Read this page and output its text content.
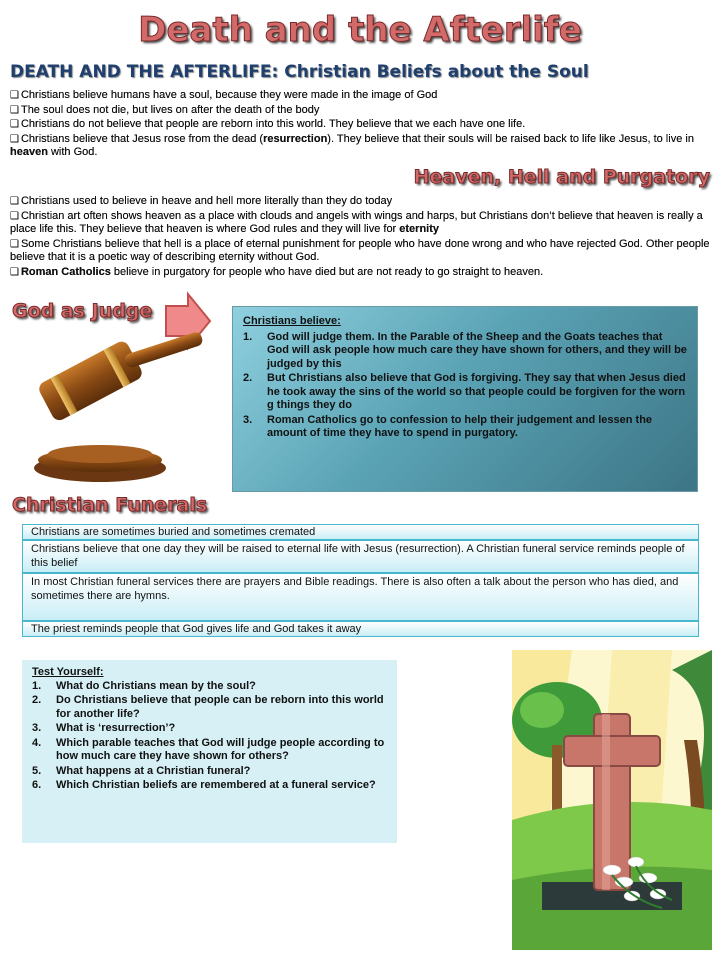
Death and the Afterlife
DEATH AND THE AFTERLIFE: Christian Beliefs about the Soul

❑ Christians believe humans have a soul, because they were made in the image of God

❑ The soul does not die, but lives on after the death of the body

❑ Christians do not believe that people are reborn into this world. They believe that we each have one life.

❑ Christians believe that Jesus rose from the dead (resurrection). They believe that their souls will be raised back to life like Jesus, to live in heaven with God.

Heaven, Hell and Purgatory

❑ Christians used to believe in heave and hell more literally than they do today

❑ Christian art often shows heaven as a place with clouds and angels with wings and harps, but Christians don’t believe that heaven is really a place life this. They believe that heaven is where God rules and they will live for eternity

❑ Some Christians believe that hell is a place of eternal punishment for people who have done wrong and who have rejected God. Other people believe that it is a poetic way of describing eternity without God.

❑ Roman Catholics believe in purgatory for people who have died but are not ready to go straight to heaven.

God as Judge	Christians believe:
1. God will judge them. In the Parable of the Sheep and the Goats teaches that God will ask people how much care they have shown for others, and they will be judged by this
2. But Christians also believe that God is forgiving. They say that when Jesus died he took away the sins of the world so that people could be forgiven for the worn g things they do
3. Roman Catholics go to confession to help their judgement and lessen the amount of time they have to spend in purgatory.
Christian Funerals
Christians are sometimes buried and sometimes cremated
Christians believe that one day they will be raised to eternal life with Jesus (resurrection). A Christian funeral service reminds people of this belief
In most Christian funeral services there are prayers and Bible readings. There is also often a talk about the person who has died, and sometimes there are hymns.
The priest reminds people that God gives life and God takes it away
Test Yourself:
1. What do Christians mean by the soul?
2. Do Christians believe that people can be reborn into this world for another life?
3. What is ‘resurrection’?
4. Which parable teaches that God will judge people according to how much care they have shown for others?
5. What happens at a Christian funeral?
6. Which Christian beliefs are remembered at a funeral service?
